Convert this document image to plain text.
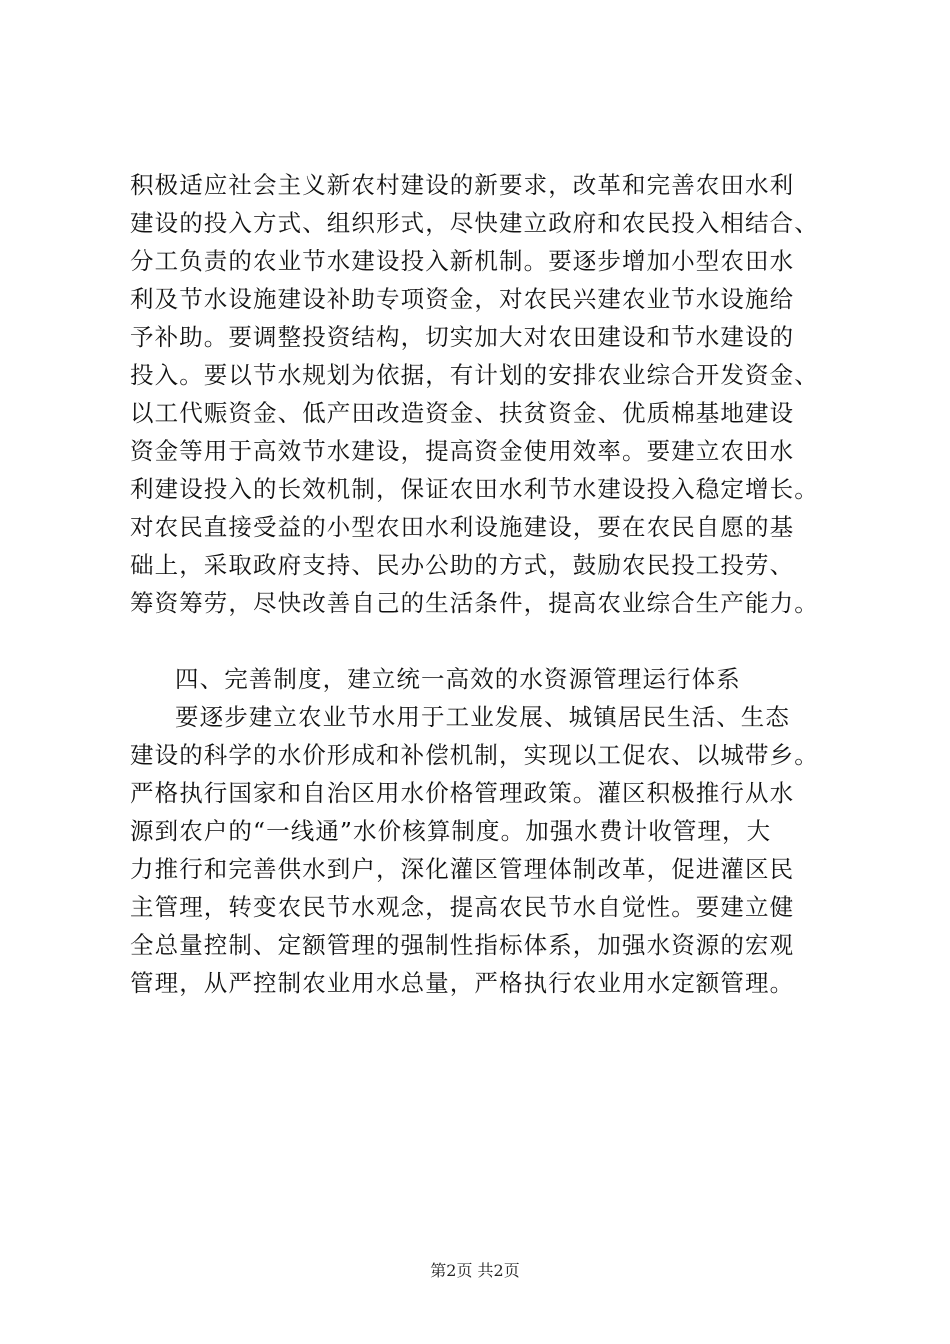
积极适应社会主义新农村建设的新要求，改革和完善农田水利
建设的投入方式、组织形式，尽快建立政府和农民投入相结合、
分工负责的农业节水建设投入新机制。要逐步增加小型农田水
利及节水设施建设补助专项资金，对农民兴建农业节水设施给
予补助。要调整投资结构，切实加大对农田建设和节水建设的
投入。要以节水规划为依据，有计划的安排农业综合开发资金、
以工代赈资金、低产田改造资金、扶贫资金、优质棉基地建设
资金等用于高效节水建设，提高资金使用效率。要建立农田水
利建设投入的长效机制，保证农田水利节水建设投入稳定增长。
对农民直接受益的小型农田水利设施建设，要在农民自愿的基
础上，采取政府支持、民办公助的方式，鼓励农民投工投劳、
筹资筹劳，尽快改善自己的生活条件，提高农业综合生产能力。
四、完善制度，建立统一高效的水资源管理运行体系
要逐步建立农业节水用于工业发展、城镇居民生活、生态
建设的科学的水价形成和补偿机制，实现以工促农、以城带乡。
严格执行国家和自治区用水价格管理政策。灌区积极推行从水
源到农户的“一线通”水价核算制度。加强水费计收管理，大
力推行和完善供水到户，深化灌区管理体制改革，促进灌区民
主管理，转变农民节水观念，提高农民节水自觉性。要建立健
全总量控制、定额管理的强制性指标体系，加强水资源的宏观
管理，从严控制农业用水总量，严格执行农业用水定额管理。
第2页 共2页
